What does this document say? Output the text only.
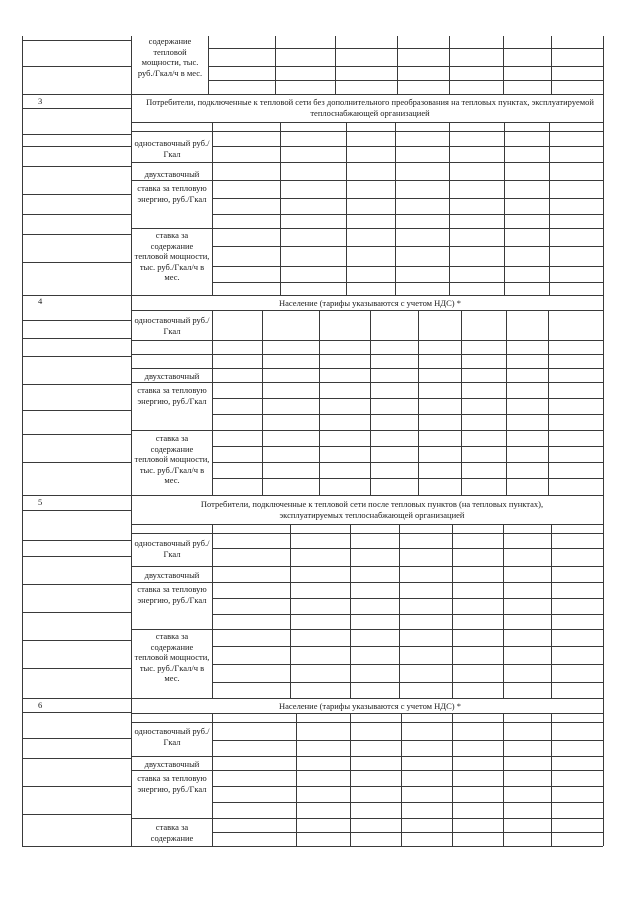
содержание тепловой мощности, тыс. руб./Гкал/ч в мес.
3	Потребители, подключенные к тепловой сети без дополнительного преобразования на тепловых пунктах, эксплуатируемой теплоснабжающей организацией
одноставочный руб./Гкал
двухставочный
ставка за тепловую энергию, руб./Гкал
ставка за содержание тепловой мощности, тыс. руб./Гкал/ч в мес.
4	Население (тарифы указываются с учетом НДС) *
одноставочный руб./Гкал
двухставочный
ставка за тепловую энергию, руб./Гкал
ставка за содержание тепловой мощности, тыс. руб./Гкал/ч в мес.
5	Потребители, подключенные к тепловой сети после тепловых пунктов (на тепловых пунктах), эксплуатируемых теплоснабжающей организацией
одноставочный руб./Гкал
двухставочный
ставка за тепловую энергию, руб./Гкал
ставка за содержание тепловой мощности, тыс. руб./Гкал/ч в мес.
6	Население (тарифы указываются с учетом НДС) *
одноставочный руб./Гкал
двухставочный
ставка за тепловую энергию, руб./Гкал
ставка за содержание
